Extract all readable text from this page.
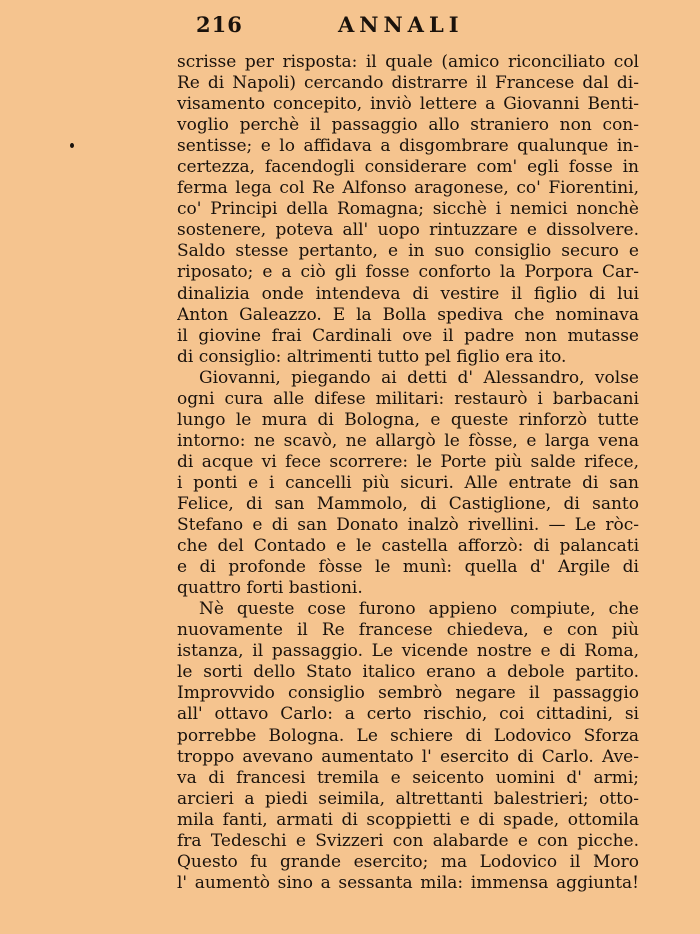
216	ANNALI
scrisse per risposta: il quale (amico riconciliato col
Re di Napoli) cercando distrarre il Francese dal di-
visamento concepito, inviò lettere a Giovanni Benti-
voglio perchè il passaggio allo straniero non con-
sentisse; e lo affidava a disgombrare qualunque in-
certezza, facendogli considerare com' egli fosse in
ferma lega col Re Alfonso aragonese, co' Fiorentini,
co' Principi della Romagna; sicchè i nemici nonchè
sostenere, poteva all' uopo rintuzzare e dissolvere.
Saldo stesse pertanto, e in suo consiglio securo e
riposato; e a ciò gli fosse conforto la Porpora Car-
dinalizia onde intendeva di vestire il figlio di lui
Anton Galeazzo. E la Bolla spediva che nominava
il giovine frai Cardinali ove il padre non mutasse
di consiglio: altrimenti tutto pel figlio era ito.
Giovanni, piegando ai detti d' Alessandro, volse
ogni cura alle difese militari: restaurò i barbacani
lungo le mura di Bologna, e queste rinforzò tutte
intorno: ne scavò, ne allargò le fòsse, e larga vena
di acque vi fece scorrere: le Porte più salde rifece,
i ponti e i cancelli più sicuri. Alle entrate di san
Felice, di san Mammolo, di Castiglione, di santo
Stefano e di san Donato inalzò rivellini. — Le ròc-
che del Contado e le castella afforzò: di palancati
e di profonde fòsse le munì: quella d' Argile di
quattro forti bastioni.
Nè queste cose furono appieno compiute, che
nuovamente il Re francese chiedeva, e con più
istanza, il passaggio. Le vicende nostre e di Roma,
le sorti dello Stato italico erano a debole partito.
Improvvido consiglio sembrò negare il passaggio
all' ottavo Carlo: a certo rischio, coi cittadini, si
porrebbe Bologna. Le schiere di Lodovico Sforza
troppo avevano aumentato l' esercito di Carlo. Ave-
va di francesi tremila e seicento uomini d' armi;
arcieri a piedi seimila, altrettanti balestrieri; otto-
mila fanti, armati di scoppietti e di spade, ottomila
fra Tedeschi e Svizzeri con alabarde e con picche.
Questo fu grande esercito; ma Lodovico il Moro
l' aumentò sino a sessanta mila: immensa aggiunta!
